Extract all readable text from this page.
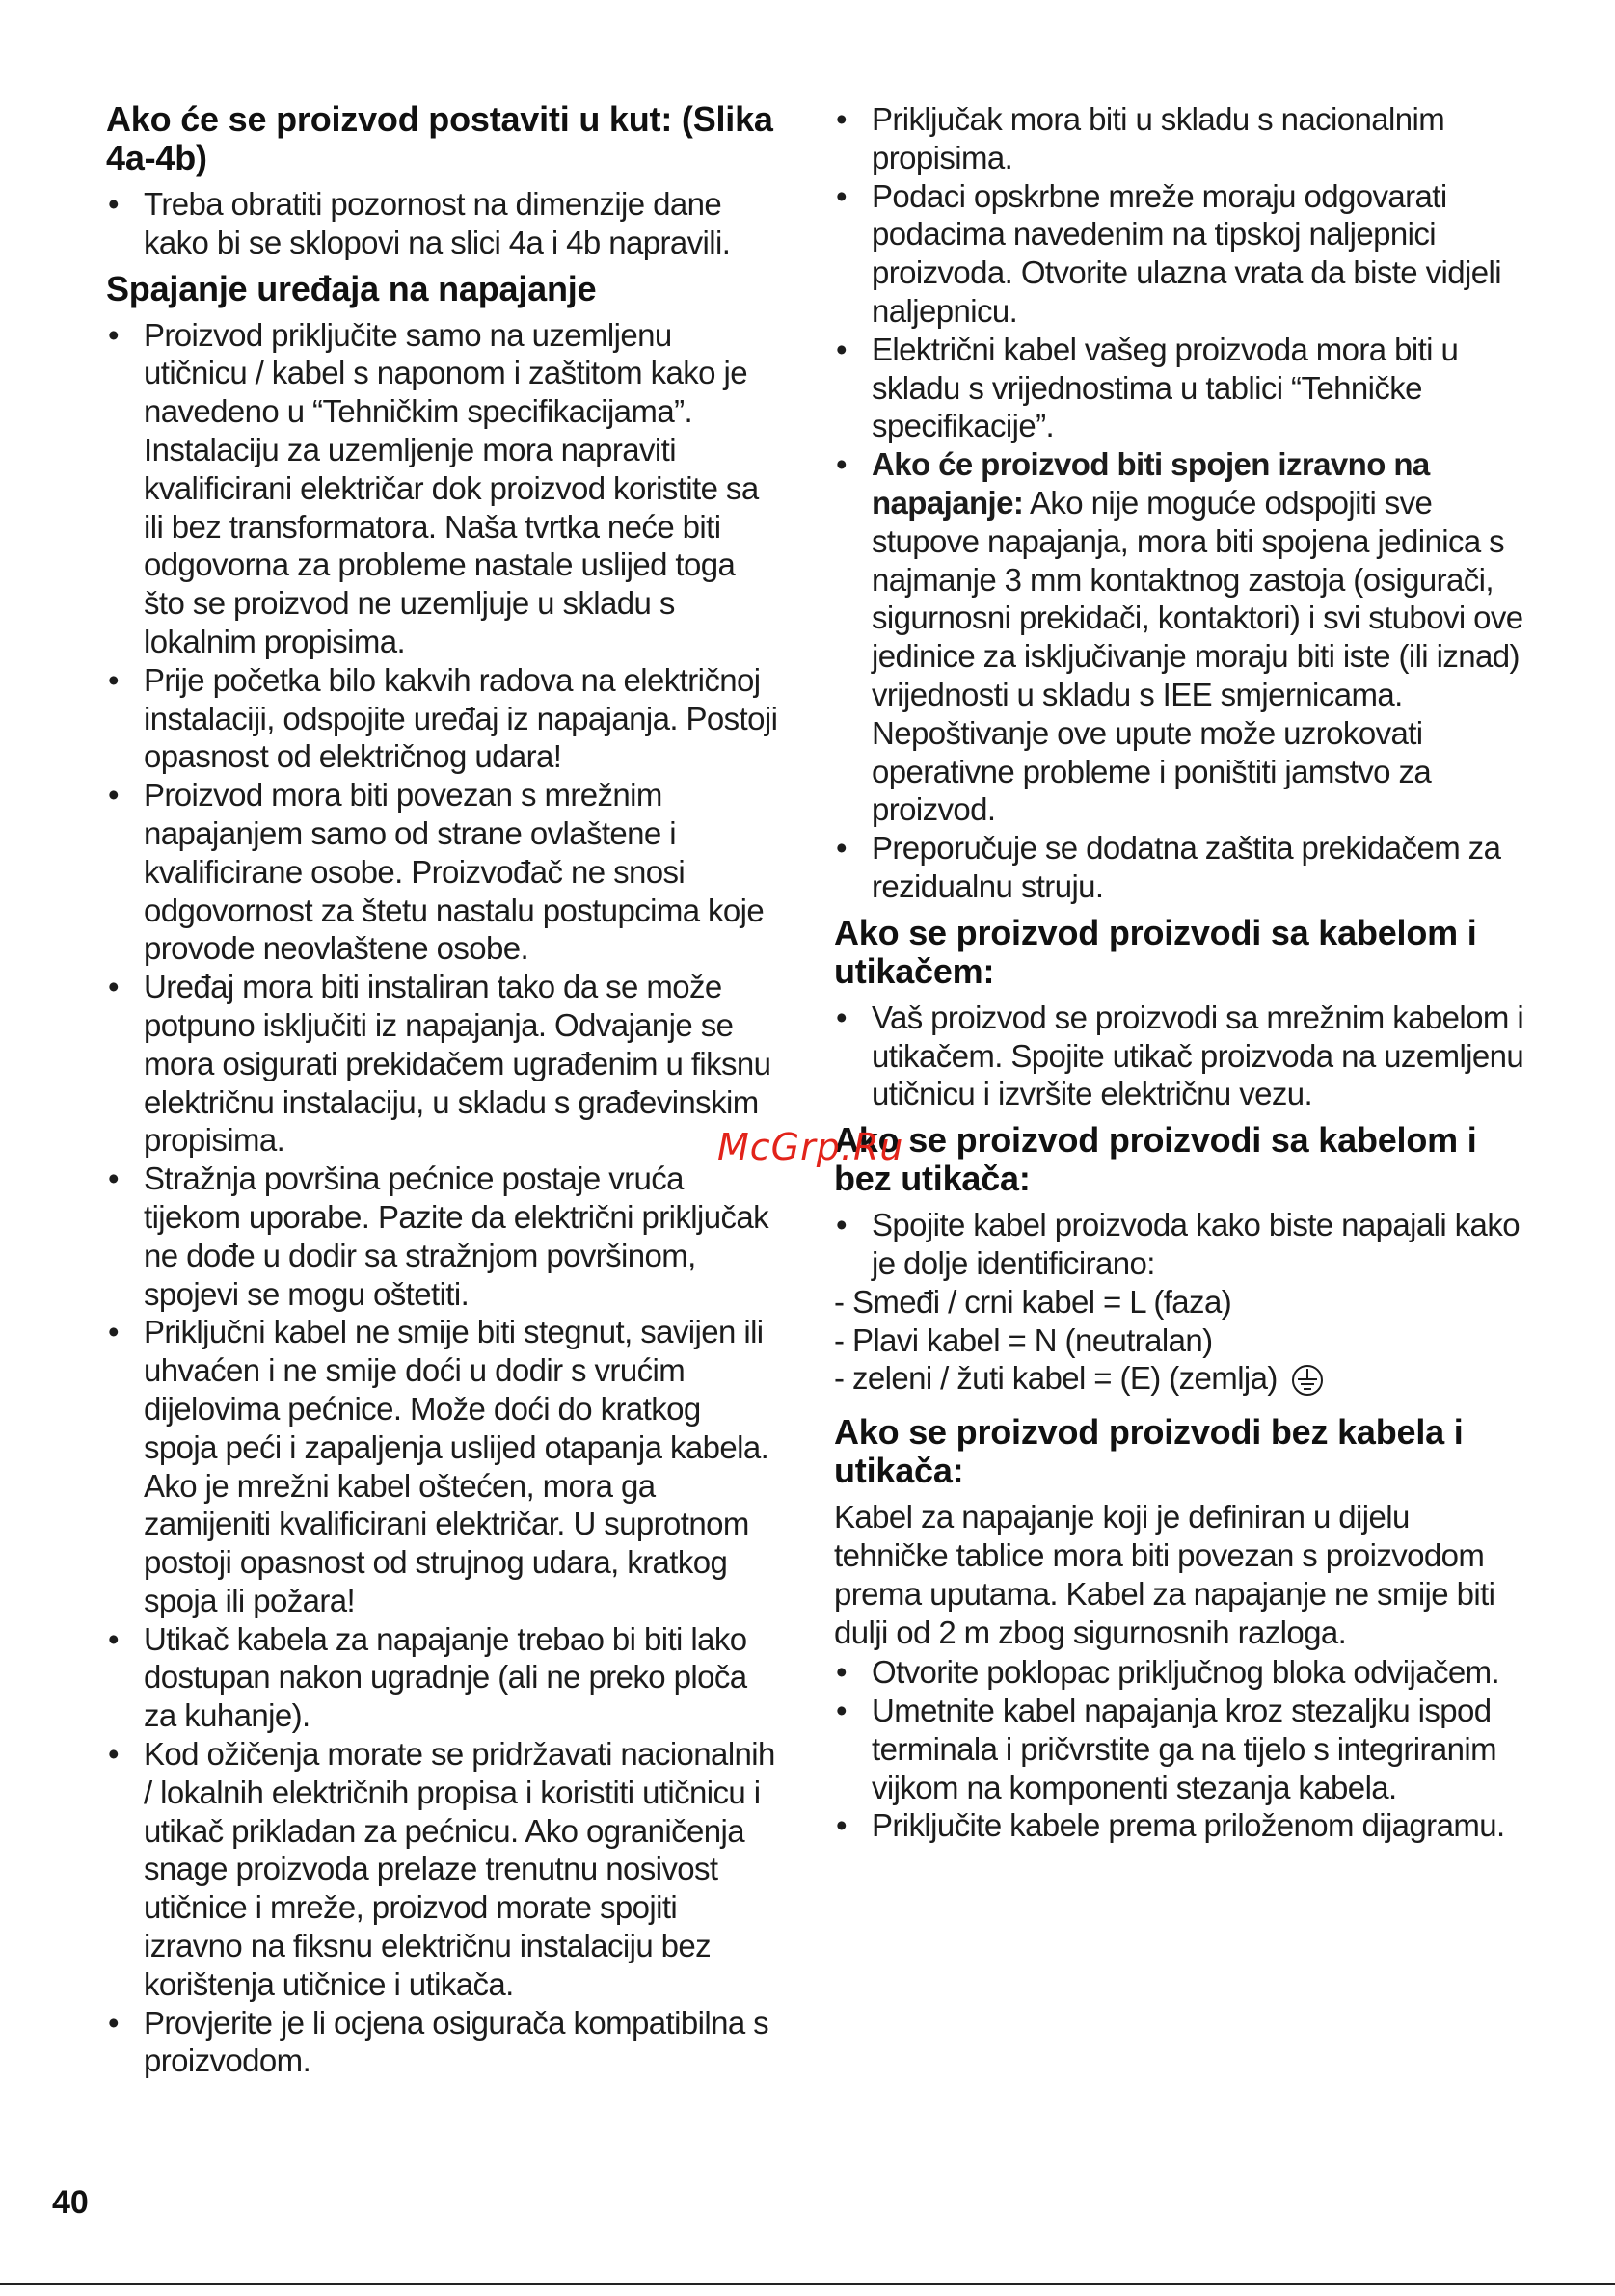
Ako će se proizvod postaviti u kut: (Slika 4a-4b)
• Treba obratiti pozornost na dimenzije dane kako bi se sklopovi na slici 4a i 4b napravili.
Spajanje uređaja na napajanje
• Proizvod priključite samo na uzemljenu utičnicu / kabel s naponom i zaštitom kako je navedeno u “Tehničkim specifikacijama”. Instalaciju za uzemljenje mora napraviti kvalificirani električar dok proizvod koristite sa ili bez transformatora. Naša tvrtka neće biti odgovorna za probleme nastale uslijed toga što se proizvod ne uzemljuje u skladu s lokalnim propisima.
• Prije početka bilo kakvih radova na električnoj instalaciji, odspojite uređaj iz napajanja. Postoji opasnost od električnog udara!
• Proizvod mora biti povezan s mrežnim napajanjem samo od strane ovlaštene i kvalificirane osobe. Proizvođač ne snosi odgovornost za štetu nastalu postupcima koje provode neovlaštene osobe.
• Uređaj mora biti instaliran tako da se može potpuno isključiti iz napajanja. Odvajanje se mora osigurati prekidačem ugrađenim u fiksnu električnu instalaciju, u skladu s građevinskim propisima.
• Stražnja površina pećnice postaje vruća tijekom uporabe. Pazite da električni priključak ne dođe u dodir sa stražnjom površinom, spojevi se mogu oštetiti.
• Priključni kabel ne smije biti stegnut, savijen ili uhvaćen i ne smije doći u dodir s vrućim dijelovima pećnice. Može doći do kratkog spoja peći i zapaljenja uslijed otapanja kabela. Ako je mrežni kabel oštećen, mora ga zamijeniti kvalificirani električar. U suprotnom postoji opasnost od strujnog udara, kratkog spoja ili požara!
• Utikač kabela za napajanje trebao bi biti lako dostupan nakon ugradnje (ali ne preko ploča za kuhanje).
• Kod ožičenja morate se pridržavati nacionalnih / lokalnih električnih propisa i koristiti utičnicu i utikač prikladan za pećnicu. Ako ograničenja snage proizvoda prelaze trenutnu nosivost utičnice i mreže, proizvod morate spojiti izravno na fiksnu električnu instalaciju bez korištenja utičnice i utikača.
• Provjerite je li ocjena osigurača kompatibilna s proizvodom.
• Priključak mora biti u skladu s nacionalnim propisima.
• Podaci opskrbne mreže moraju odgovarati podacima navedenim na tipskoj naljepnici proizvoda. Otvorite ulazna vrata da biste vidjeli naljepnicu.
• Električni kabel vašeg proizvoda mora biti u skladu s vrijednostima u tablici “Tehničke specifikacije”.
• Ako će proizvod biti spojen izravno na napajanje: Ako nije moguće odspojiti sve stupove napajanja, mora biti spojena jedinica s najmanje 3 mm kontaktnog zastoja (osigurači, sigurnosni prekidači, kontaktori) i svi stubovi ove jedinice za isključivanje moraju biti iste (ili iznad) vrijednosti u skladu s IEE smjernicama. Nepoštivanje ove upute može uzrokovati operativne probleme i poništiti jamstvo za proizvod.
• Preporučuje se dodatna zaštita prekidačem za rezidualnu struju.
Ako se proizvod proizvodi sa kabelom i utikačem:
• Vaš proizvod se proizvodi sa mrežnim kabelom i utikačem. Spojite utikač proizvoda na uzemljenu utičnicu i izvršite električnu vezu.
Ako se proizvod proizvodi sa kabelom i bez utikača:
• Spojite kabel proizvoda kako biste napajali kako je dolje identificirano:

- Smeđi / crni kabel = L (faza)

- Plavi kabel = N (neutralan)

- zeleni / žuti kabel = (E) (zemlja)

Ako se proizvod proizvodi bez kabela i utikača:

Kabel za napajanje koji je definiran u dijelu tehničke tablice mora biti povezan s proizvodom prema uputama. Kabel za napajanje ne smije biti dulji od 2 m zbog sigurnosnih razloga.

• Otvorite poklopac priključnog bloka odvijačem.
• Umetnite kabel napajanja kroz stezaljku ispod terminala i pričvrstite ga na tijelo s integriranim vijkom na komponenti stezanja kabela.
• Priključite kabele prema priloženom dijagramu.
McGrp.Ru
40
